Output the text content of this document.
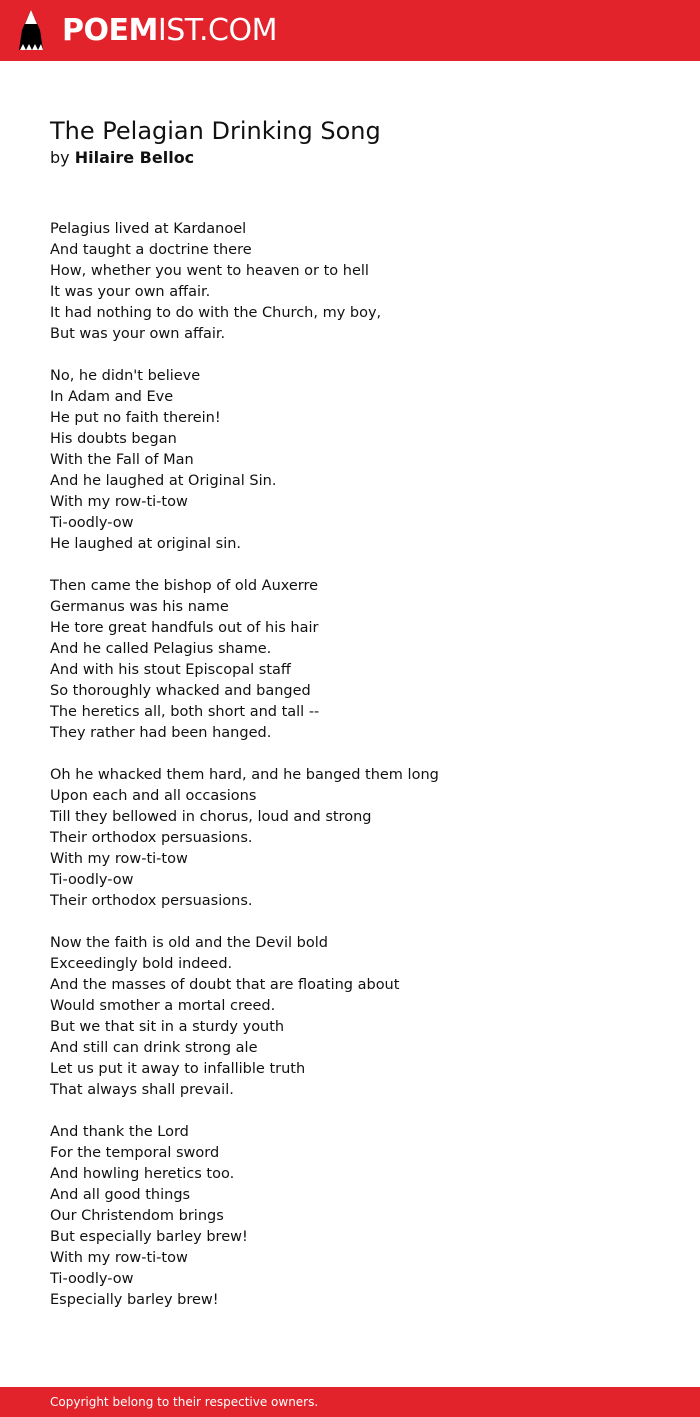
POEMIST.COM
The Pelagian Drinking Song
by Hilaire Belloc
Pelagius lived at Kardanoel
And taught a doctrine there
How, whether you went to heaven or to hell
It was your own affair.
It had nothing to do with the Church, my boy,
But was your own affair.
No, he didn't believe
In Adam and Eve
He put no faith therein!
His doubts began
With the Fall of Man
And he laughed at Original Sin.
With my row-ti-tow
Ti-oodly-ow
He laughed at original sin.
Then came the bishop of old Auxerre
Germanus was his name
He tore great handfuls out of his hair
And he called Pelagius shame.
And with his stout Episcopal staff
So thoroughly whacked and banged
The heretics all, both short and tall --
They rather had been hanged.
Oh he whacked them hard, and he banged them long
Upon each and all occasions
Till they bellowed in chorus, loud and strong
Their orthodox persuasions.
With my row-ti-tow
Ti-oodly-ow
Their orthodox persuasions.
Now the faith is old and the Devil bold
Exceedingly bold indeed.
And the masses of doubt that are floating about
Would smother a mortal creed.
But we that sit in a sturdy youth
And still can drink strong ale
Let us put it away to infallible truth
That always shall prevail.
And thank the Lord
For the temporal sword
And howling heretics too.
And all good things
Our Christendom brings
But especially barley brew!
With my row-ti-tow
Ti-oodly-ow
Especially barley brew!
Copyright belong to their respective owners.
